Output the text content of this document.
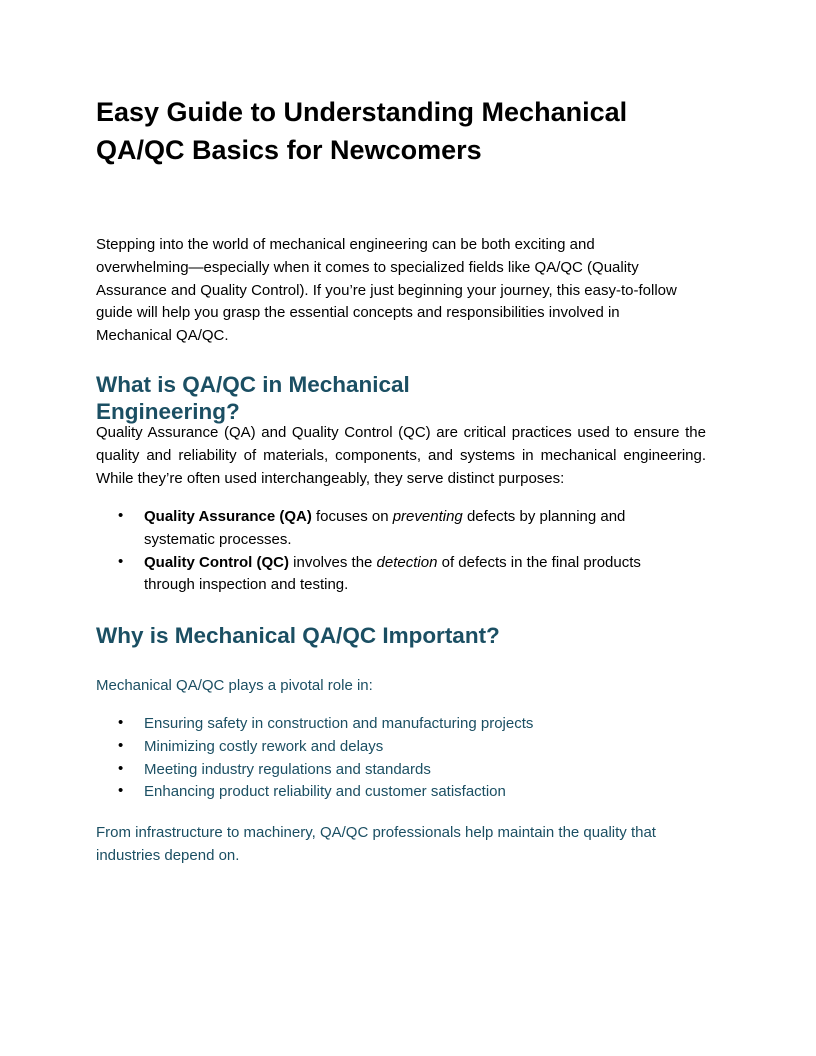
Easy Guide to Understanding Mechanical QA/QC Basics for Newcomers

Stepping into the world of mechanical engineering can be both exciting and overwhelming—especially when it comes to specialized fields like QA/QC (Quality Assurance and Quality Control). If you’re just beginning your journey, this easy-to-follow guide will help you grasp the essential concepts and responsibilities involved in Mechanical QA/QC.

What is QA/QC in Mechanical Engineering?

Quality Assurance (QA) and Quality Control (QC) are critical practices used to ensure the quality and reliability of materials, components, and systems in mechanical engineering. While they’re often used interchangeably, they serve distinct purposes:

• Quality Assurance (QA) focuses on preventing defects by planning and systematic processes.
• Quality Control (QC) involves the detection of defects in the final products through inspection and testing.
Why is Mechanical QA/QC Important?

Mechanical QA/QC plays a pivotal role in:

• Ensuring safety in construction and manufacturing projects
• Minimizing costly rework and delays
• Meeting industry regulations and standards
• Enhancing product reliability and customer satisfaction

From infrastructure to machinery, QA/QC professionals help maintain the quality that industries depend on.
